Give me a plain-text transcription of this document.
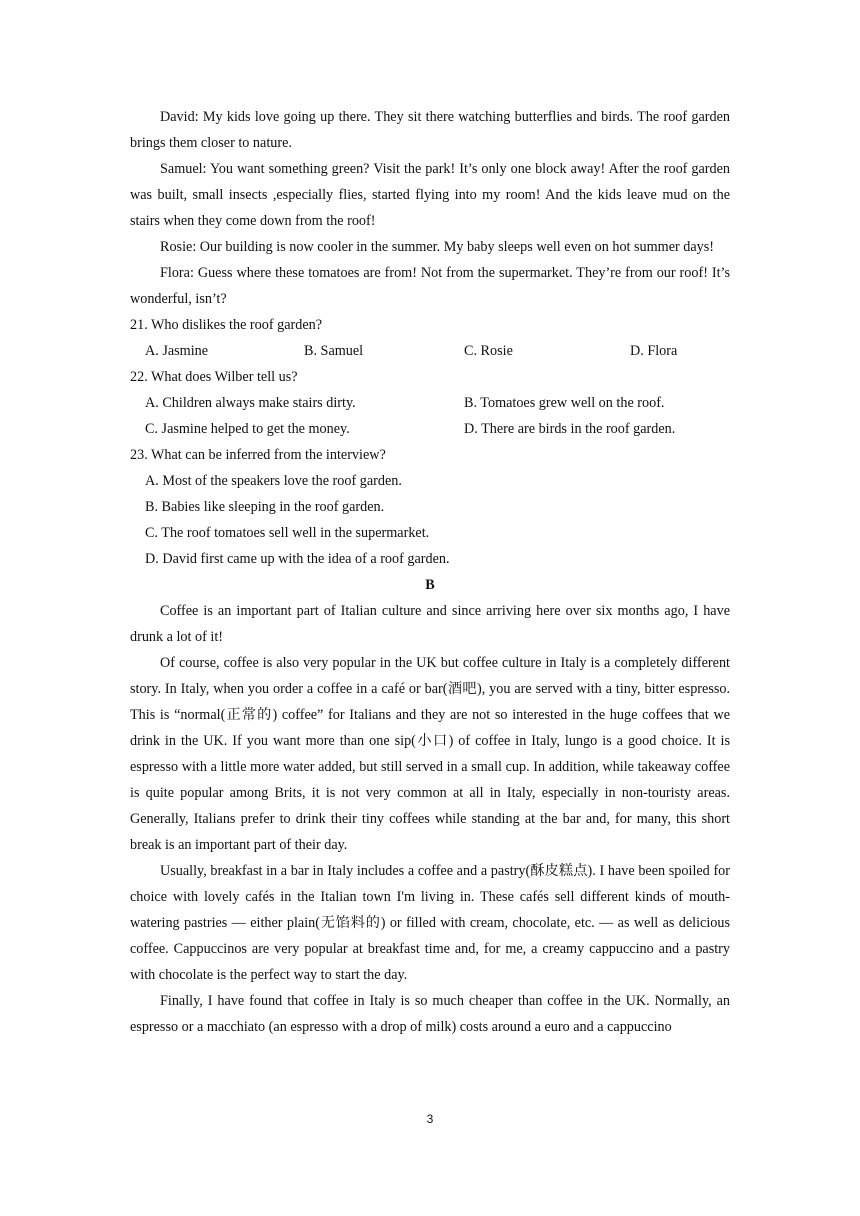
David: My kids love going up there. They sit there watching butterflies and birds. The roof garden brings them closer to nature.

Samuel: You want something green? Visit the park! It’s only one block away! After the roof garden was built, small insects ,especially flies, started flying into my room! And the kids leave mud on the stairs when they come down from the roof!

Rosie: Our building is now cooler in the summer. My baby sleeps well even on hot summer days!

Flora: Guess where these tomatoes are from! Not from the supermarket. They’re from our roof! It’s wonderful, isn’t?

21. Who dislikes the roof garden?

A. Jasmine	B. Samuel	C. Rosie	D. Flora

22. What does Wilber tell us?

A. Children always make stairs dirty.	B. Tomatoes grew well on the roof.
C. Jasmine helped to get the money.	D. There are birds in the roof garden.

23. What can be inferred from the interview?

A. Most of the speakers love the roof garden.

B. Babies like sleeping in the roof garden.

C. The roof tomatoes sell well in the supermarket.

D. David first came up with the idea of a roof garden.

B

Coffee is an important part of Italian culture and since arriving here over six months ago, I have drunk a lot of it!

Of course, coffee is also very popular in the UK but coffee culture in Italy is a completely different story. In Italy, when you order a coffee in a café or bar(酒吧), you are served with a tiny, bitter espresso. This is “normal(正常的) coffee” for Italians and they are not so interested in the huge coffees that we drink in the UK. If you want more than one sip(小口) of coffee in Italy, lungo is a good choice. It is espresso with a little more water added, but still served in a small cup. In addition, while takeaway coffee is quite popular among Brits, it is not very common at all in Italy, especially in non-touristy areas. Generally, Italians prefer to drink their tiny coffees while standing at the bar and, for many, this short break is an important part of their day.

Usually, breakfast in a bar in Italy includes a coffee and a pastry(酥皮糕点). I have been spoiled for choice with lovely cafés in the Italian town I'm living in. These cafés sell different kinds of mouth-watering pastries — either plain(无馅料的) or filled with cream, chocolate, etc. — as well as delicious coffee. Cappuccinos are very popular at breakfast time and, for me, a creamy cappuccino and a pastry with chocolate is the perfect way to start the day.

Finally, I have found that coffee in Italy is so much cheaper than coffee in the UK. Normally, an espresso or a macchiato (an espresso with a drop of milk) costs around a euro and a cappuccino

3
